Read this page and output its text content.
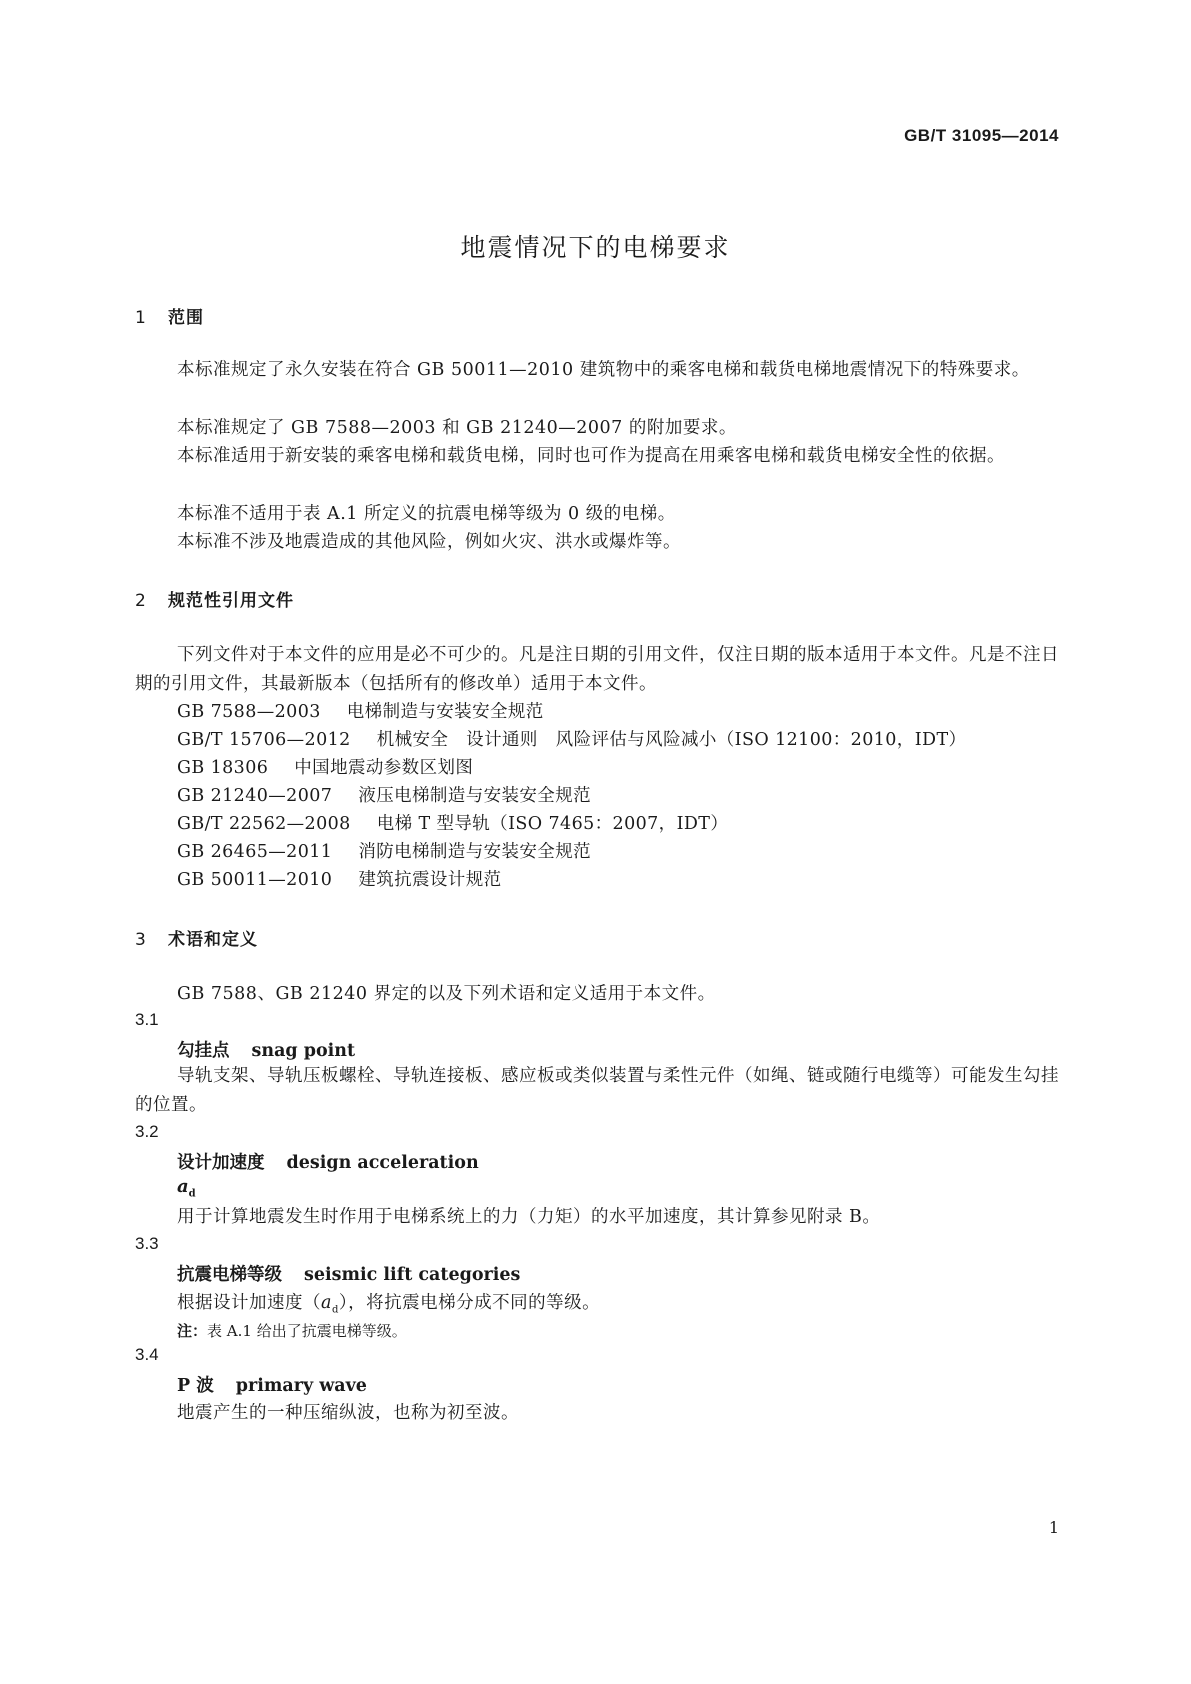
GB/T 31095—2014
地震情况下的电梯要求
1 范围
本标准规定了永久安装在符合 GB 50011—2010 建筑物中的乘客电梯和载货电梯地震情况下的特殊要求。
本标准规定了 GB 7588—2003 和 GB 21240—2007 的附加要求。
本标准适用于新安装的乘客电梯和载货电梯，同时也可作为提高在用乘客电梯和载货电梯安全性的依据。
本标准不适用于表 A.1 所定义的抗震电梯等级为 0 级的电梯。
本标准不涉及地震造成的其他风险，例如火灾、洪水或爆炸等。
2 规范性引用文件
下列文件对于本文件的应用是必不可少的。凡是注日期的引用文件，仅注日期的版本适用于本文件。凡是不注日期的引用文件，其最新版本（包括所有的修改单）适用于本文件。
GB 7588—2003 电梯制造与安装安全规范
GB/T 15706—2012 机械安全　设计通则　风险评估与风险减小（ISO 12100：2010，IDT）
GB 18306 中国地震动参数区划图
GB 21240—2007 液压电梯制造与安装安全规范
GB/T 22562—2008 电梯 T 型导轨（ISO 7465：2007，IDT）
GB 26465—2011 消防电梯制造与安装安全规范
GB 50011—2010 建筑抗震设计规范
3 术语和定义
GB 7588、GB 21240 界定的以及下列术语和定义适用于本文件。
3.1
勾挂点 snag point
导轨支架、导轨压板螺栓、导轨连接板、感应板或类似装置与柔性元件（如绳、链或随行电缆等）可能发生勾挂的位置。
3.2
设计加速度 design acceleration
$a_d$
用于计算地震发生时作用于电梯系统上的力（力矩）的水平加速度，其计算参见附录 B。
3.3
抗震电梯等级 seismic lift categories
根据设计加速度$(a_d)$，将抗震电梯分成不同的等级。
注：表 A.1 给出了抗震电梯等级。
3.4
P 波 primary wave
地震产生的一种压缩纵波，也称为初至波。
1
